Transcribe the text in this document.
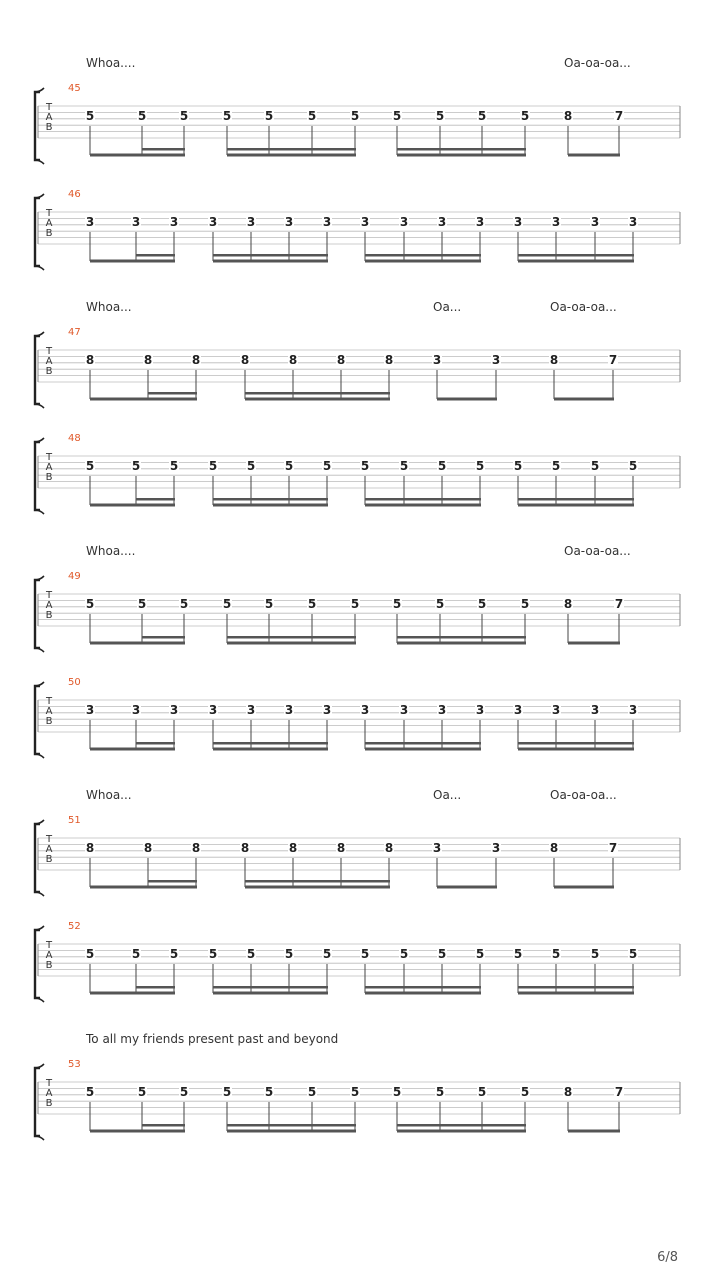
Whoa....	Oa-oa-oa...
45
T
A
B
5	5	5	5	5	5	5	5	5	5	5	8	7
46
T
A
B
3	3 3	3 3 3 3 3	3 3 3 3 3	3 3
Whoa...	Oa...	Oa-oa-oa...
47
T
A
B
8	8	8	8	8	8	8	3	3	8	7
48
T
A
B
5	5 5	5 5 5 5 5	5 5 5 5 5	5 5
Whoa....	Oa-oa-oa...
49
T
A
B
5	5	5	5	5	5	5	5	5	5	5	8	7
50
T
A
B
3	3 3	3 3 3 3 3	3 3 3 3 3	3 3
Whoa...	Oa...	Oa-oa-oa...
51
T
A
B
8	8	8	8	8	8	8	3	3	8	7
52
T
A
B
5	5 5	5 5 5 5 5	5 5 5 5 5	5 5
To all my friends present past and beyond
53
T
A
B
5	5	5	5	5	5	5	5	5	5	5	8	7
6/8
